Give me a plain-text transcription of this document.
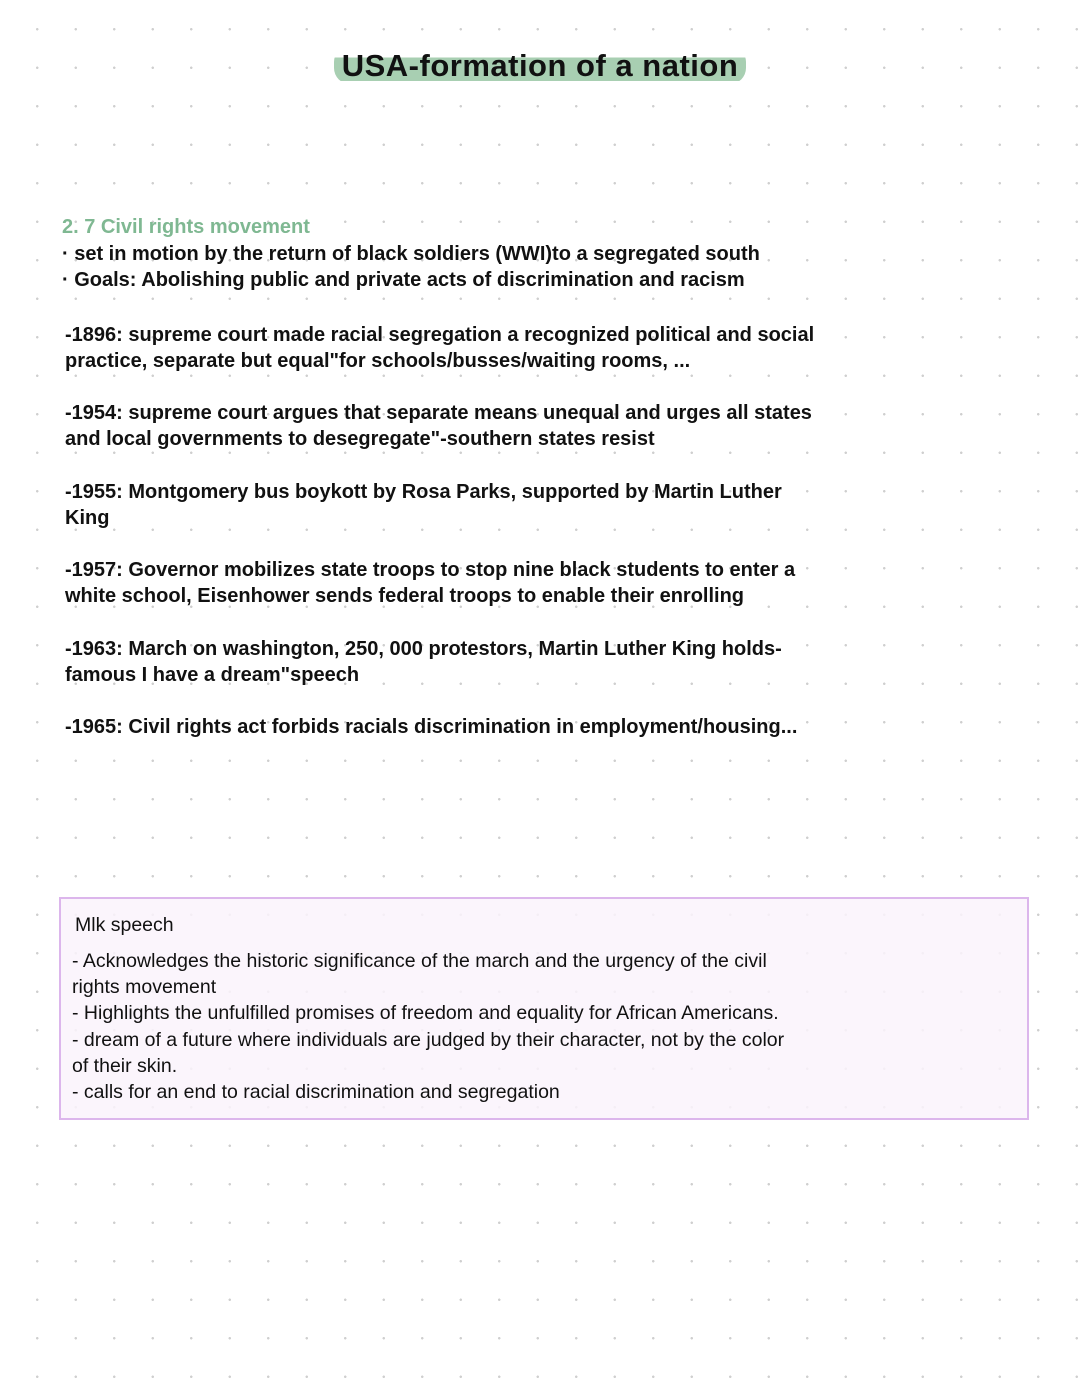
USA-formation of a nation
2. 7 Civil rights movement
· set in motion by the return of black soldiers (WWI)to a segregated south
· Goals: Abolishing public and private acts of discrimination and racism
-1896: supreme court made racial segregation a recognized political and social
practice, separate but equal"for schools/busses/waiting rooms, ...
-1954: supreme court argues that separate means unequal and urges all states
and local governments to desegregate"-southern states resist
-1955: Montgomery bus boykott by Rosa Parks, supported by Martin Luther
King
-1957: Governor mobilizes state troops to stop nine black students to enter a
white school, Eisenhower sends federal troops to enable their enrolling
-1963: March on washington, 250, 000 protestors, Martin Luther King holds-
famous I have a dream"speech
-1965: Civil rights act forbids racials discrimination in employment/housing...
Mlk speech
- Acknowledges the historic significance of the march and the urgency of the civil
rights movement
- Highlights the unfulfilled promises of freedom and equality for African Americans.
- dream of a future where individuals are judged by their character, not by the color
of their skin.
- calls for an end to racial discrimination and segregation
